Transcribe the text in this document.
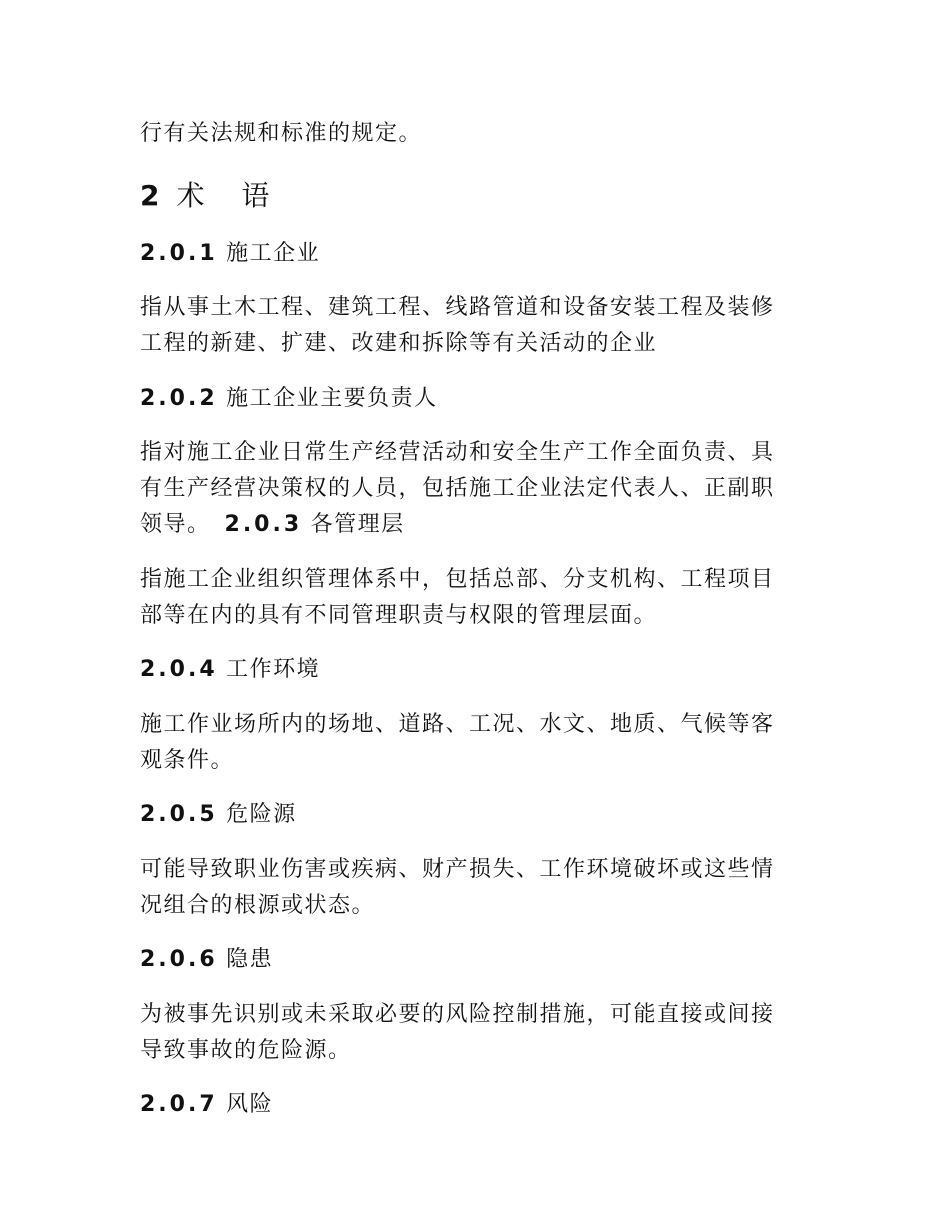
行有关法规和标准的规定。

2 术 语
2.0.1 施工企业
指从事土木工程、建筑工程、线路管道和设备安装工程及装修
工程的新建、扩建、改建和拆除等有关活动的企业
2.0.2 施工企业主要负责人
指对施工企业日常生产经营活动和安全生产工作全面负责、具
有生产经营决策权的人员，包括施工企业法定代表人、正副职
领导。 2.0.3 各管理层
指施工企业组织管理体系中，包括总部、分支机构、工程项目
部等在内的具有不同管理职责与权限的管理层面。
2.0.4 工作环境
施工作业场所内的场地、道路、工况、水文、地质、气候等客
观条件。
2.0.5 危险源
可能导致职业伤害或疾病、财产损失、工作环境破坏或这些情
况组合的根源或状态。
2.0.6 隐患
为被事先识别或未采取必要的风险控制措施，可能直接或间接
导致事故的危险源。
2.0.7 风险
